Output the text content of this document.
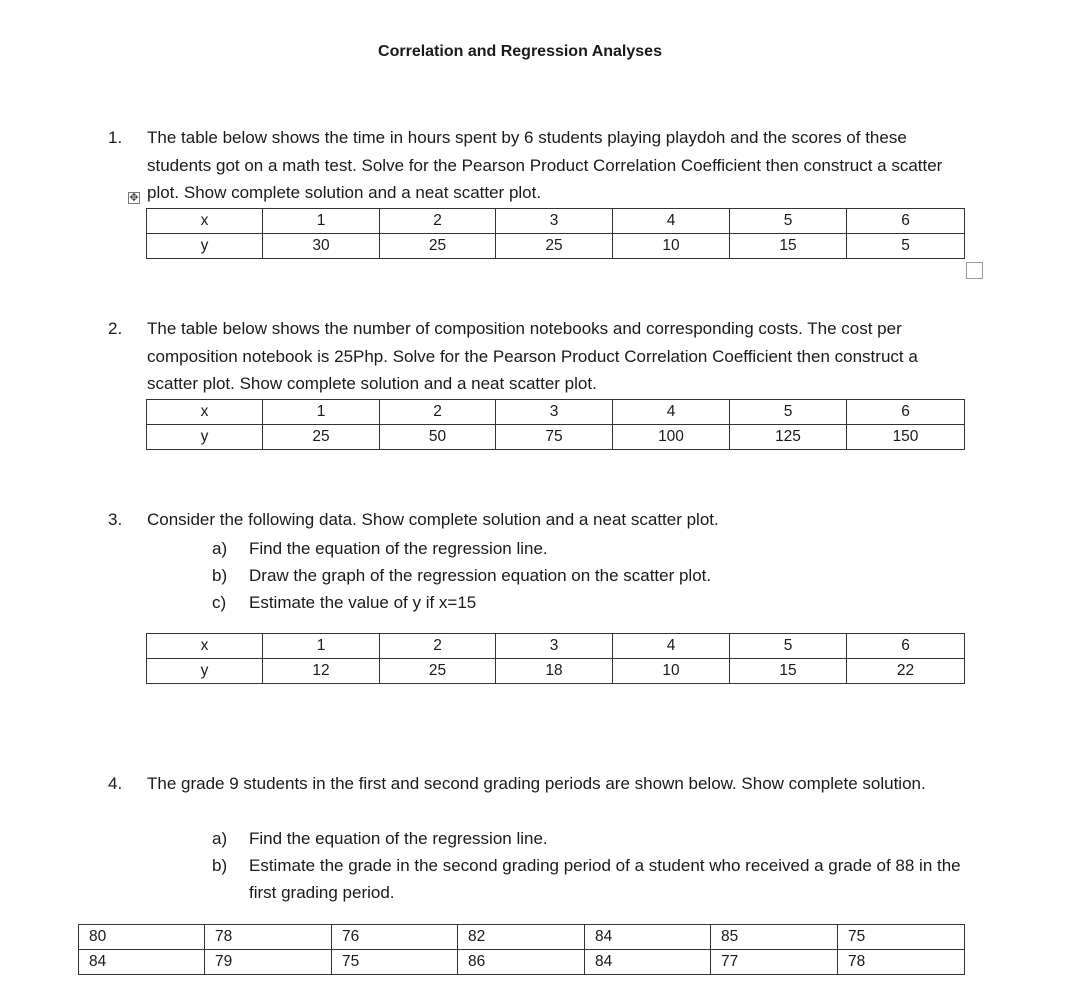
Correlation and Regression Analyses
1. The table below shows the time in hours spent by 6 students playing playdoh and the scores of these students got on a math test. Solve for the Pearson Product Correlation Coefficient then construct a scatter plot. Show complete solution and a neat scatter plot.
✥
x	1	2	3	4	5	6
y	30	25	25	10	15	5
2. The table below shows the number of composition notebooks and corresponding costs. The cost per composition notebook is 25Php. Solve for the Pearson Product Correlation Coefficient then construct a scatter plot. Show complete solution and a neat scatter plot.
x	1	2	3	4	5	6
y	25	50	75	100	125	150
3. Consider the following data. Show complete solution and a neat scatter plot.
a) Find the equation of the regression line.
b) Draw the graph of the regression equation on the scatter plot.
c) Estimate the value of y if x=15
x	1	2	3	4	5	6
y	12	25	18	10	15	22
4. The grade 9 students in the first and second grading periods are shown below. Show complete solution.
a) Find the equation of the regression line.
b) Estimate the grade in the second grading period of a student who received a grade of 88 in the first grading period.
80	78	76	82	84	85	75
84	79	75	86	84	77	78
